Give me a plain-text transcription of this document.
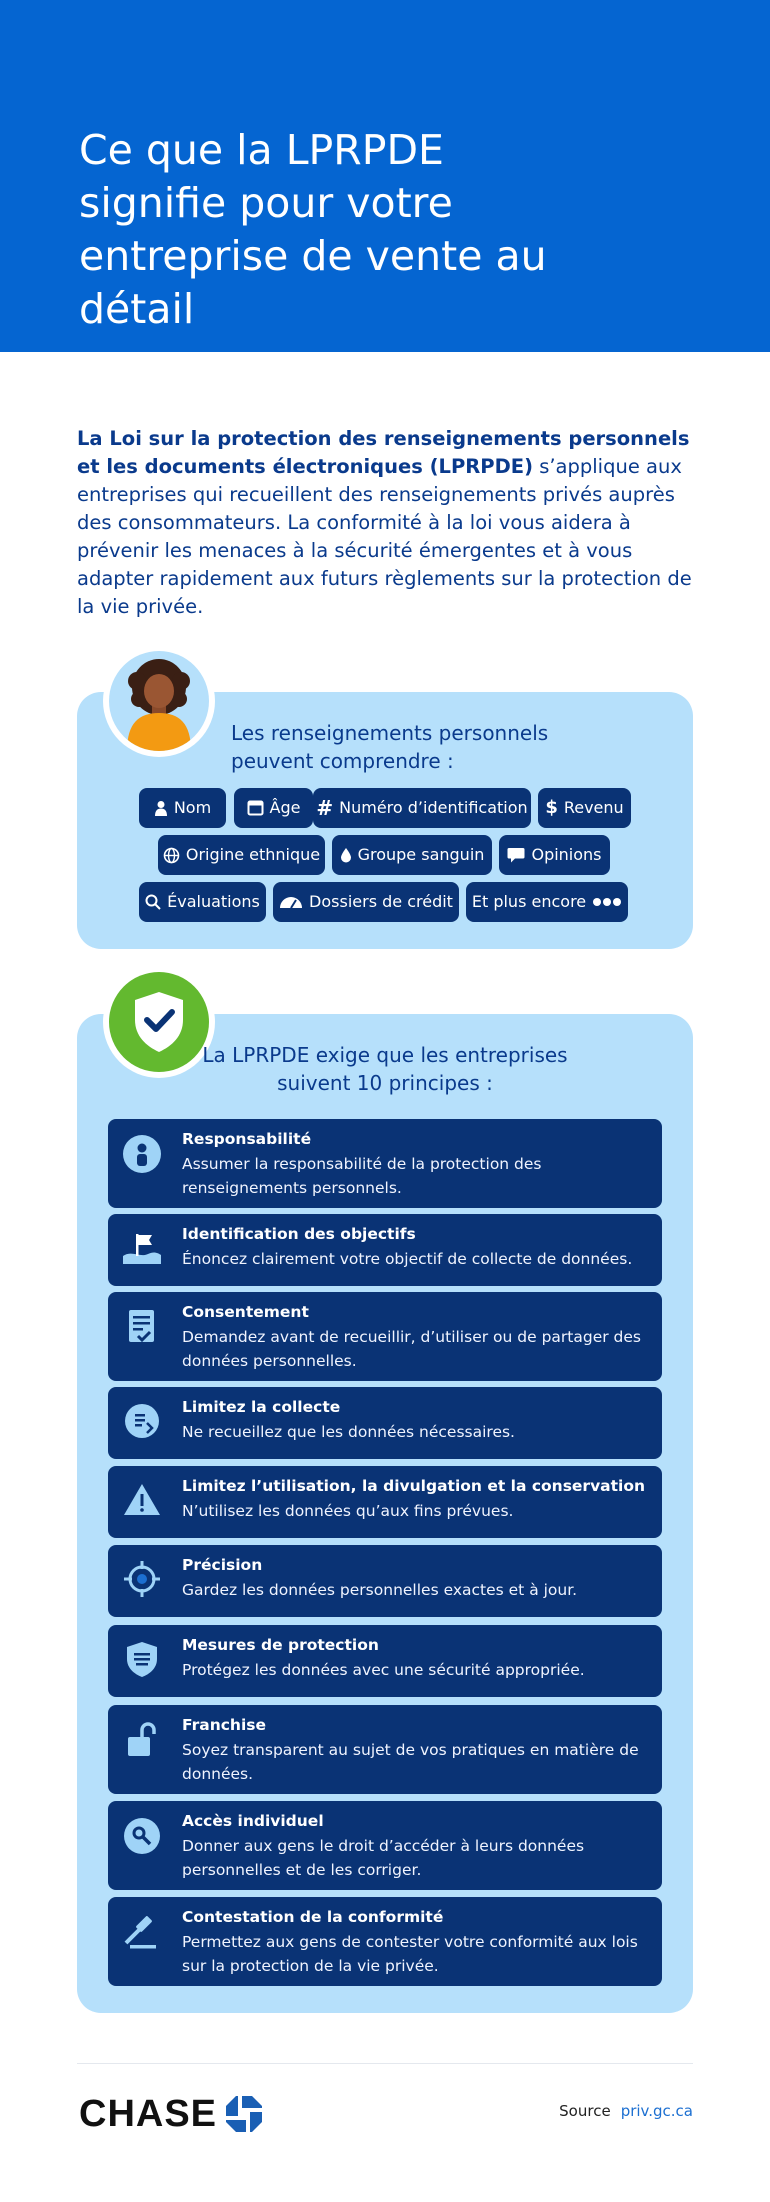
Ce que la LPRPDE signifie pour votre entreprise de vente au détail

La Loi sur la protection des renseignements personnels et les documents électroniques (LPRPDE) s’applique aux entreprises qui recueillent des renseignements privés auprès des consommateurs. La conformité à la loi vous aidera à prévenir les menaces à la sécurité émergentes et à vous adapter rapidement aux futurs règlements sur la protection de la vie privée.

Les renseignements personnels peuvent comprendre :
Nom	Âge # Numéro d’identification $ Revenu
Origine ethnique Groupe sanguin	Opinions
Évaluations	Dossiers de crédit Et plus encore
La LPRPDE exige que les entreprises suivent 10 principes :
Responsabilité
Assumer la responsabilité de la protection des renseignements personnels.
Identification des objectifs
Énoncez clairement votre objectif de collecte de données.
Consentement
Demandez avant de recueillir, d’utiliser ou de partager des données personnelles.
Limitez la collecte
Ne recueillez que les données nécessaires.
Limitez l’utilisation, la divulgation et la conservation
N’utilisez les données qu’aux fins prévues.
Précision
Gardez les données personnelles exactes et à jour.
Mesures de protection
Protégez les données avec une sécurité appropriée.
Franchise
Soyez transparent au sujet de vos pratiques en matière de données.
Accès individuel
Donner aux gens le droit d’accéder à leurs données personnelles et de les corriger.
Contestation de la conformité
Permettez aux gens de contester votre conformité aux lois sur la protection de la vie privée.
CHASE	Source priv.gc.ca
